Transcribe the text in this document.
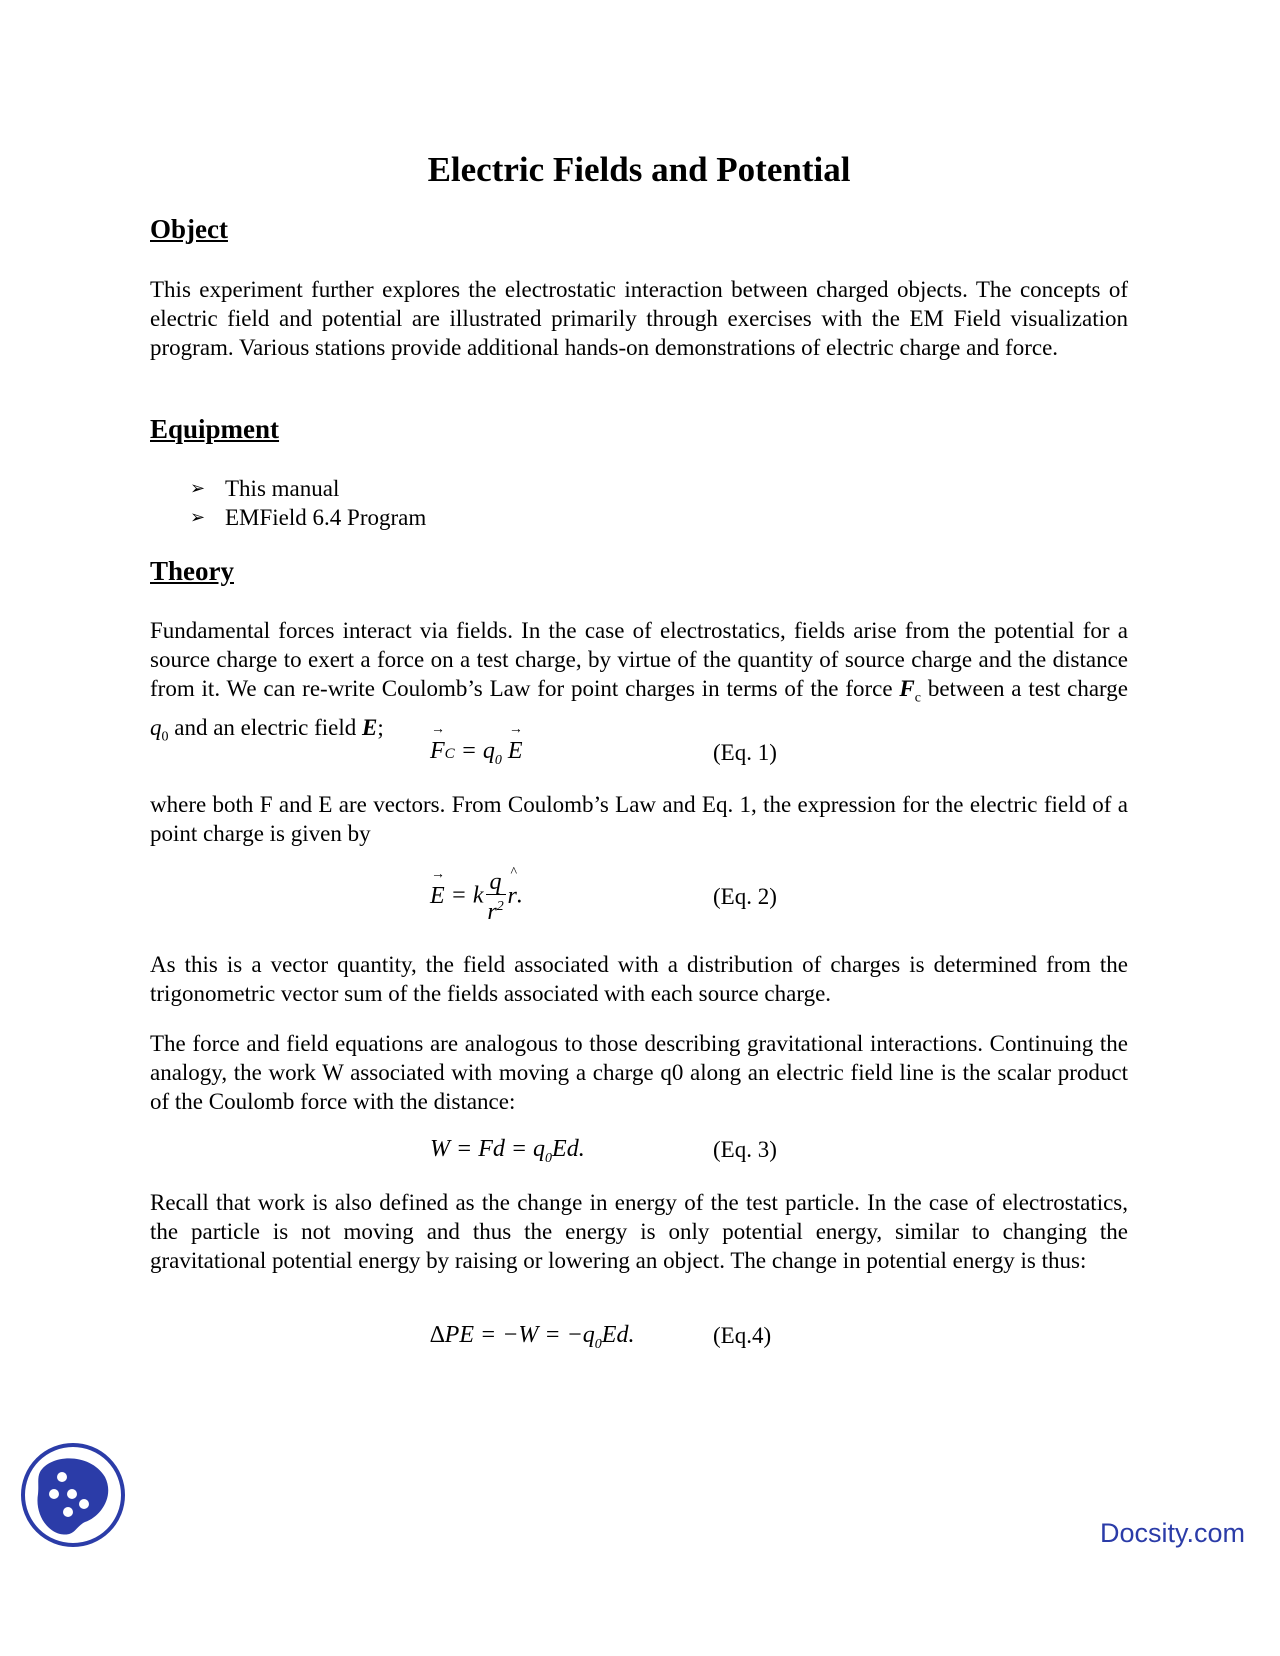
Electric Fields and Potential
Object

This experiment further explores the electrostatic interaction between charged objects. The concepts of electric field and potential are illustrated primarily through exercises with the EM Field visualization program. Various stations provide additional hands-on demonstrations of electric charge and force.

Equipment
➢ This manual
➢ EMField 6.4 Program
Theory

Fundamental forces interact via fields. In the case of electrostatics, fields arise from the potential for a source charge to exert a force on a test charge, by virtue of the quantity of source charge and the distance from it. We can re-write Coulomb’s Law for point charges in terms of the force $F_c$ between a test charge $q_0$ and an electric field E;

→ FC = $q_0 \to E$	(Eq. 1)

where both F and E are vectors. From Coulomb’s Law and Eq. 1, the expression for the electric field of a point charge is given by

→ E = k $\frac{q}{r^2}$ ^ r.	(Eq. 2)

As this is a vector quantity, the field associated with a distribution of charges is determined from the trigonometric vector sum of the fields associated with each source charge.

The force and field equations are analogous to those describing gravitational interactions. Continuing the analogy, the work W associated with moving a charge q0 along an electric field line is the scalar product of the Coulomb force with the distance:

$W = Fd = q_0Ed$.	(Eq. 3)

Recall that work is also defined as the change in energy of the test particle. In the case of electrostatics, the particle is not moving and thus the energy is only potential energy, similar to changing the gravitational potential energy by raising or lowering an object. The change in potential energy is thus:

$\Delta PE = -W = -q_0Ed$.	(Eq.4)
Docsity.com
